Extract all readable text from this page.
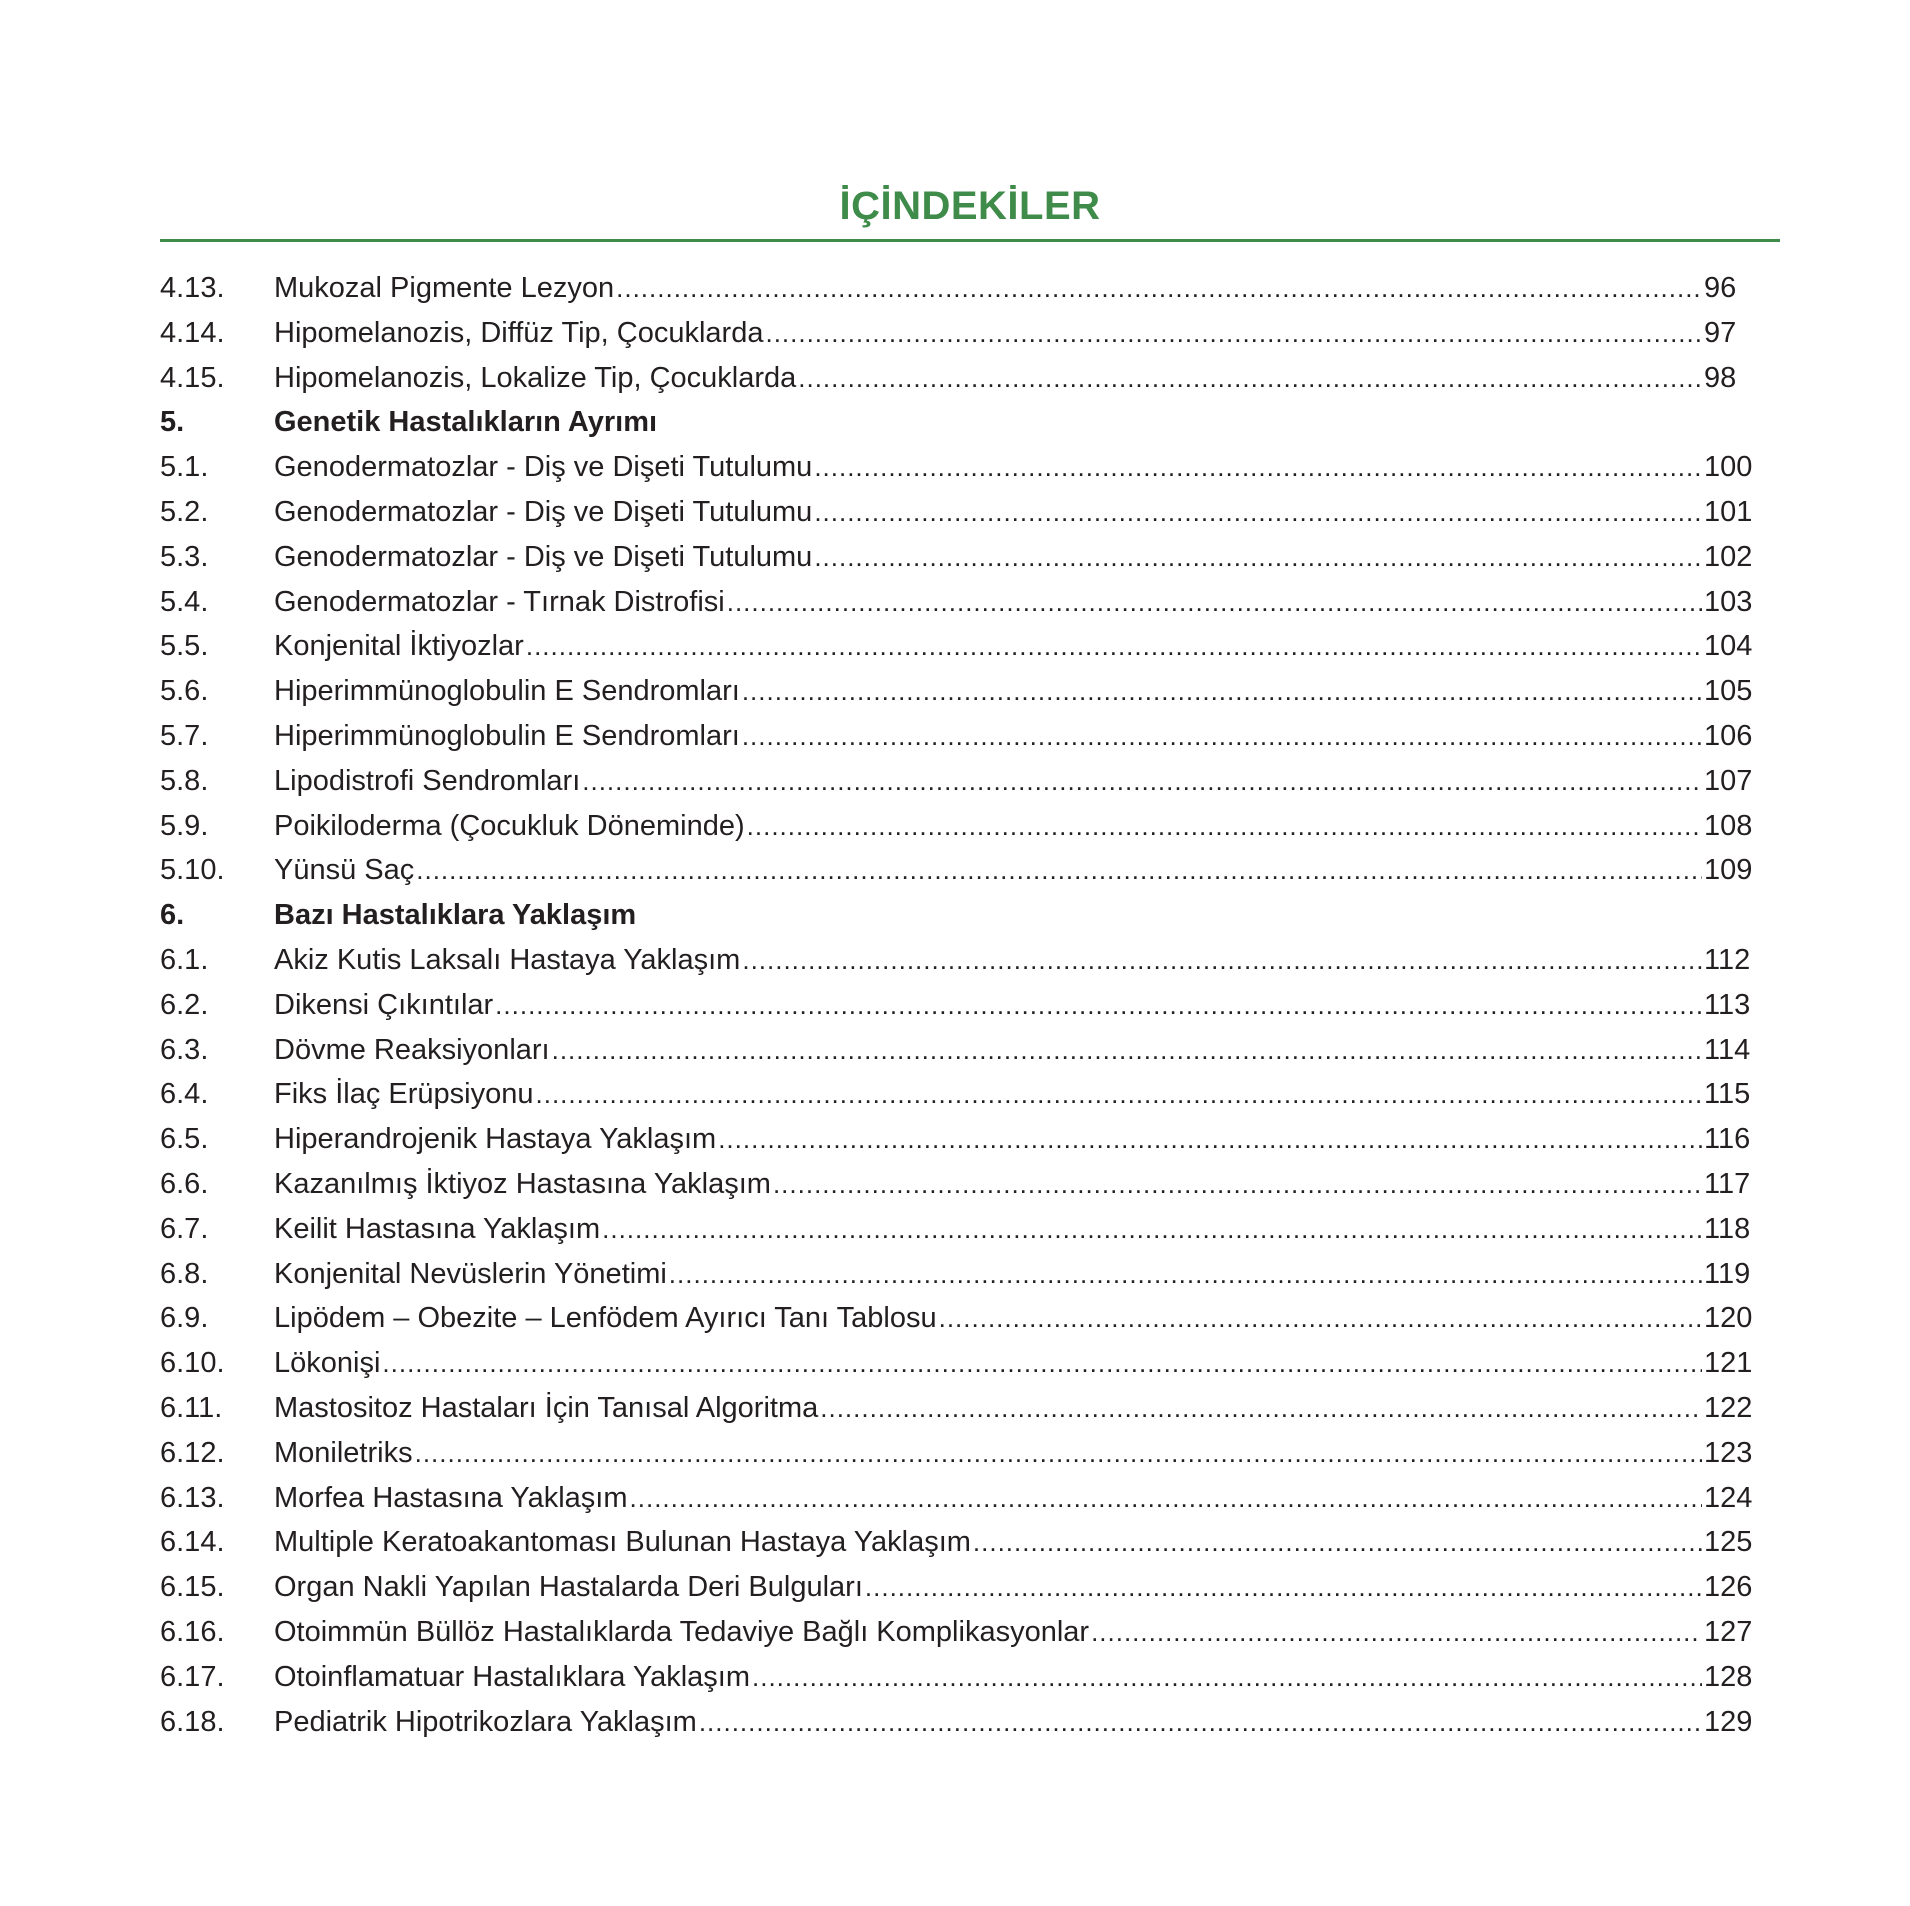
İÇİNDEKİLER
4.13.	Mukozal Pigmente Lezyon .....	96
4.14.	Hipomelanozis, Diffüz Tip, Çocuklarda .....	97
4.15.	Hipomelanozis, Lokalize Tip, Çocuklarda .....	98
5.	Genetik Hastalıkların Ayrımı
5.1.	Genodermatozlar - Diş ve Dişeti Tutulumu .....	100
5.2.	Genodermatozlar - Diş ve Dişeti Tutulumu .....	101
5.3.	Genodermatozlar - Diş ve Dişeti Tutulumu .....	102
5.4.	Genodermatozlar - Tırnak Distrofisi .....	103
5.5.	Konjenital İktiyozlar .....	104
5.6.	Hiperimmünoglobulin E Sendromları .....	105
5.7.	Hiperimmünoglobulin E Sendromları .....	106
5.8.	Lipodistrofi Sendromları .....	107
5.9.	Poikiloderma (Çocukluk Döneminde) .....	108
5.10.	Yünsü Saç .....	109
6.	Bazı Hastalıklara Yaklaşım
6.1.	Akiz Kutis Laksalı Hastaya Yaklaşım .....	112
6.2.	Dikensi Çıkıntılar .....	113
6.3.	Dövme Reaksiyonları .....	114
6.4.	Fiks İlaç Erüpsiyonu .....	115
6.5.	Hiperandrojenik Hastaya Yaklaşım .....	116
6.6.	Kazanılmış İktiyoz Hastasına Yaklaşım .....	117
6.7.	Keilit Hastasına Yaklaşım .....	118
6.8.	Konjenital Nevüslerin Yönetimi .....	119
6.9.	Lipödem – Obezite – Lenfödem Ayırıcı Tanı Tablosu .....	120
6.10.	Lökonişi .....	121
6.11.	Mastositoz Hastaları İçin Tanısal Algoritma .....	122
6.12.	Moniletriks .....	123
6.13.	Morfea Hastasına Yaklaşım .....	124
6.14.	Multiple Keratoakantoması Bulunan Hastaya Yaklaşım .....	125
6.15.	Organ Nakli Yapılan Hastalarda Deri Bulguları .....	126
6.16.	Otoimmün Büllöz Hastalıklarda Tedaviye Bağlı Komplikasyonlar .....	127
6.17.	Otoinflamatuar Hastalıklara Yaklaşım .....	128
6.18.	Pediatrik Hipotrikozlara Yaklaşım .....	129
